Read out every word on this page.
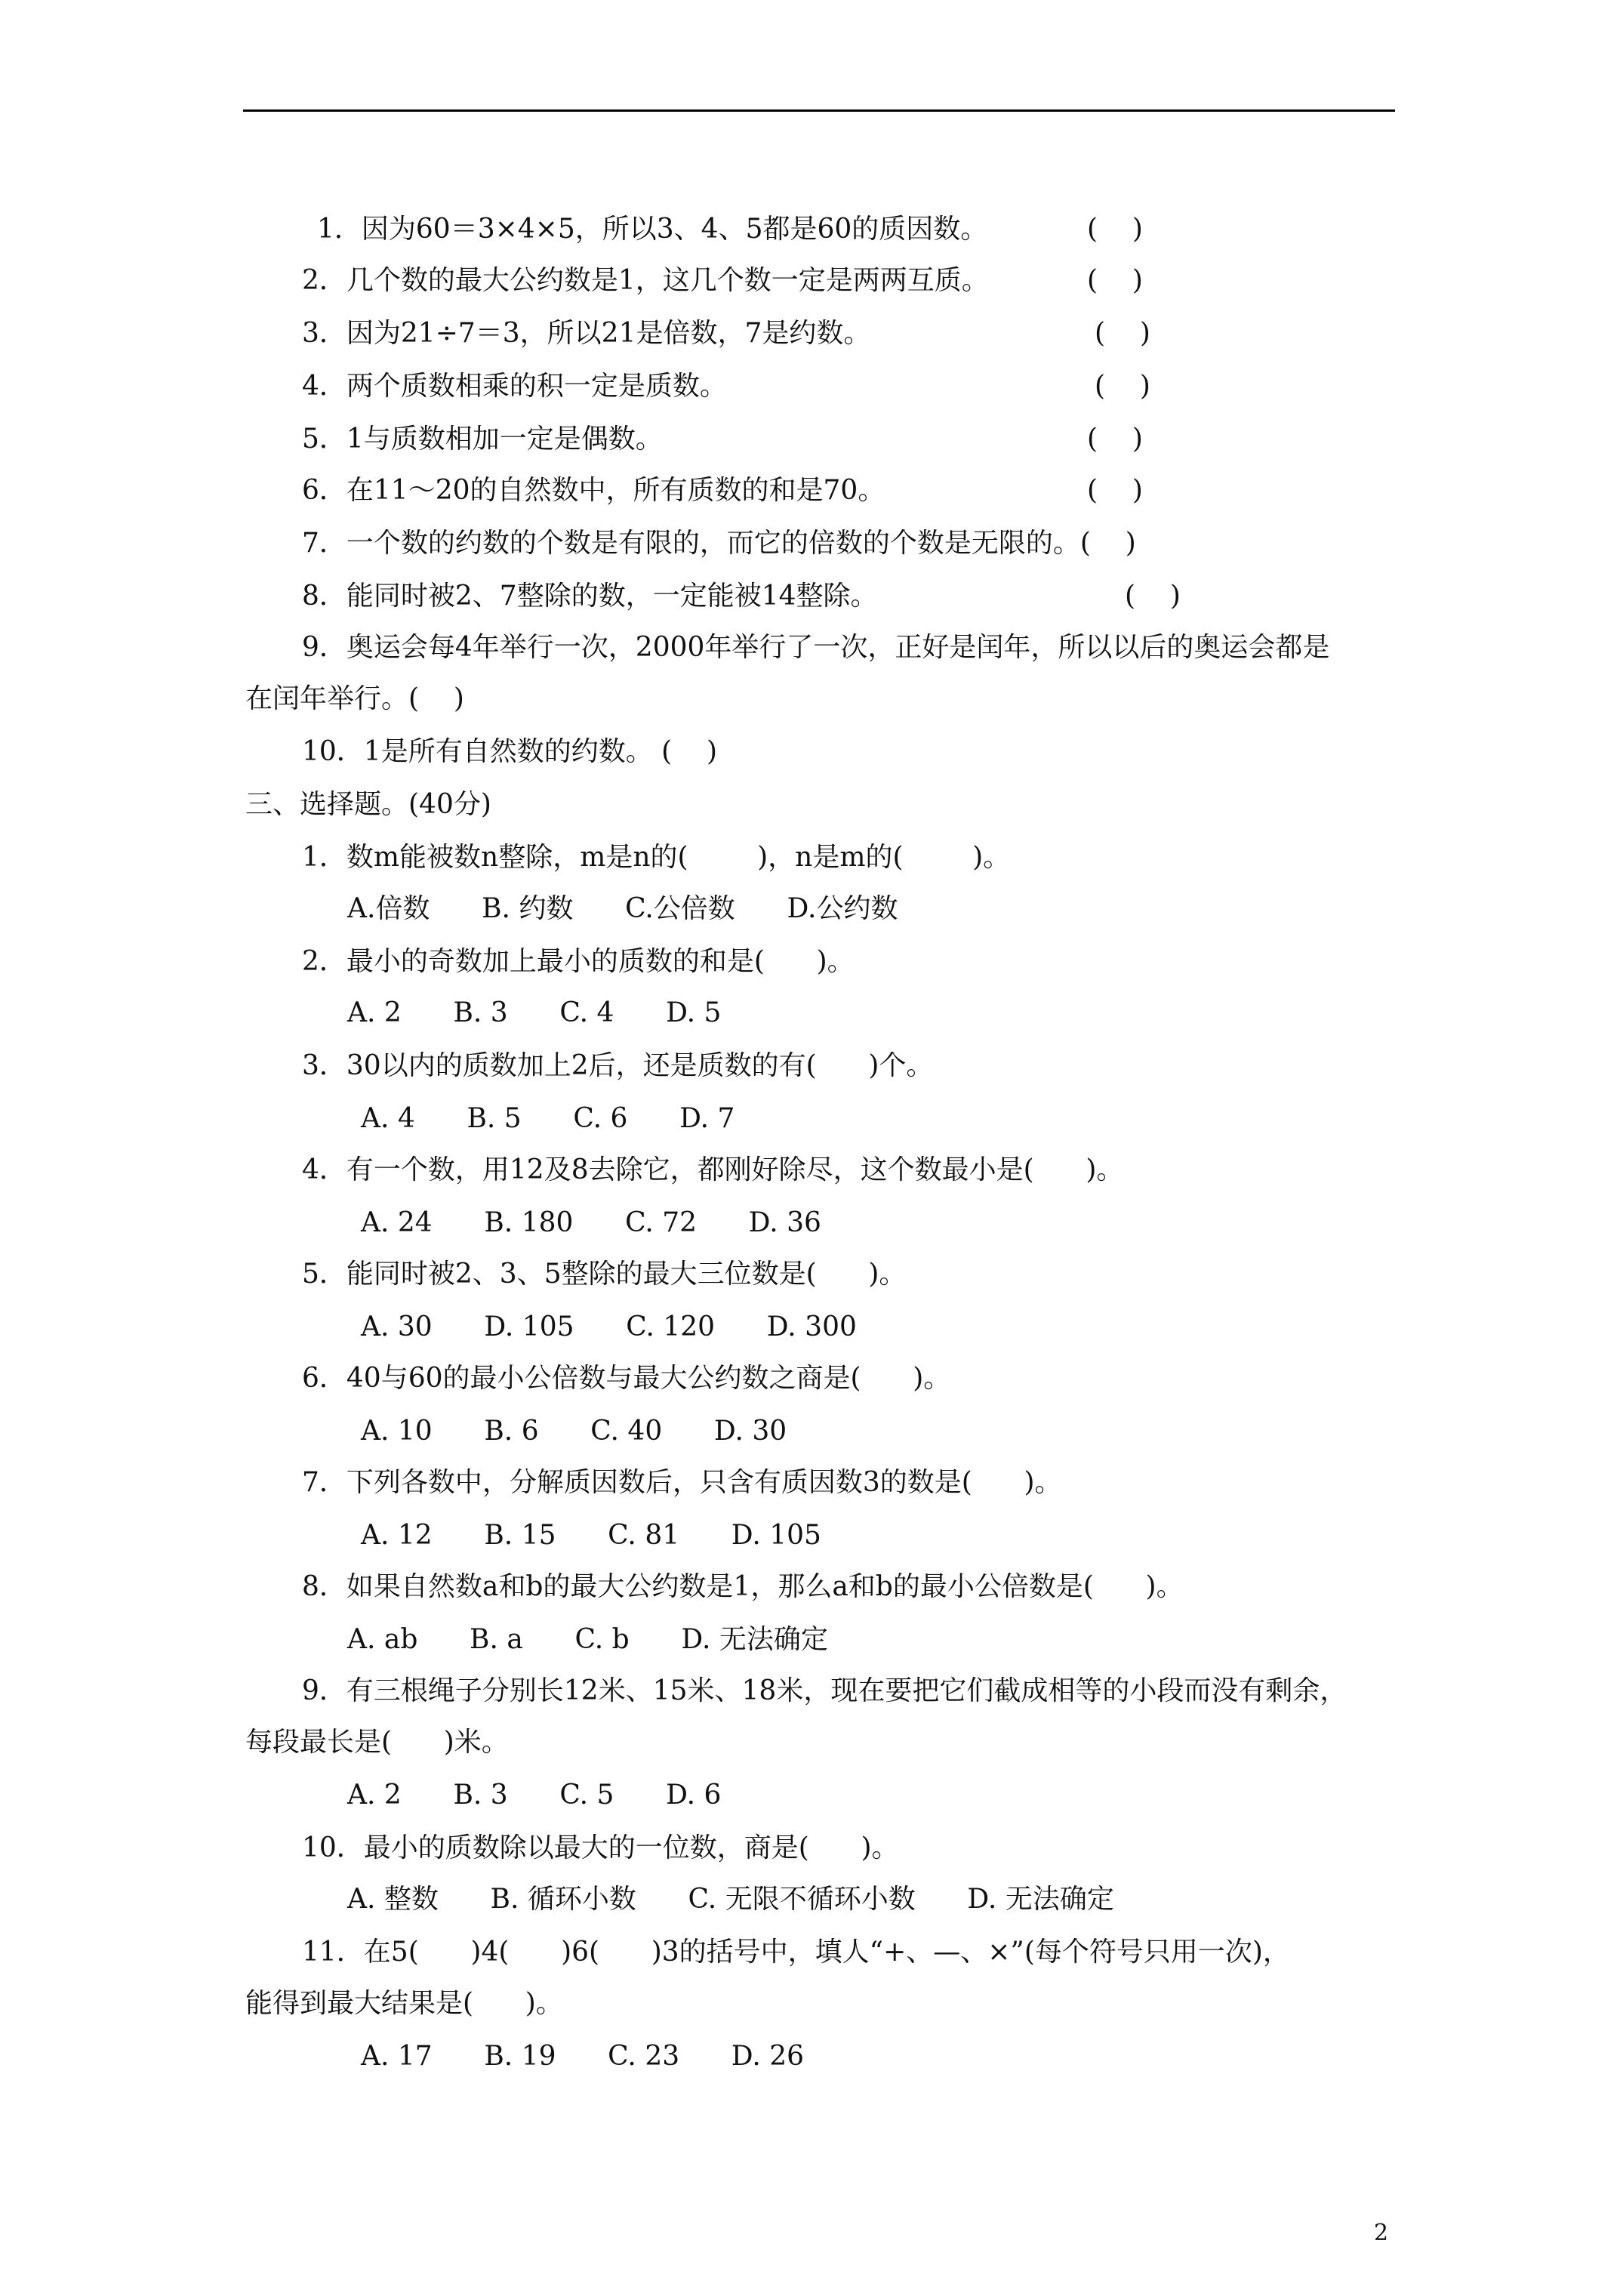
1．因为60＝3×4×5，所以3、4、5都是60的质因数。	(    )
2．几个数的最大公约数是1，这几个数一定是两两互质。	(    )
3．因为21÷7＝3，所以21是倍数，7是约数。	(    )
4．两个质数相乘的积一定是质数。	(    )
5．1与质数相加一定是偶数。	(    )
6．在11～20的自然数中，所有质数的和是70。	(    )
7．一个数的约数的个数是有限的，而它的倍数的个数是无限的。(    )
8．能同时被2、7整除的数，一定能被14整除。	(    )
9．奥运会每4年举行一次，2000年举行了一次，正好是闰年，所以以后的奥运会都是
在闰年举行。(    )
10．1是所有自然数的约数。 (    )
三、选择题。(40分)
1．数m能被数n整除，m是n的(        )，n是m的(        )。
A.倍数      B. 约数      C.公倍数      D.公约数
2．最小的奇数加上最小的质数的和是(      )。
A. 2      B. 3      C. 4      D. 5
3．30以内的质数加上2后，还是质数的有(      )个。
A. 4      B. 5      C. 6      D. 7
4．有一个数，用12及8去除它，都刚好除尽，这个数最小是(      )。
A. 24      B. 180      C. 72      D. 36
5．能同时被2、3、5整除的最大三位数是(      )。
A. 30      D. 105      C. 120      D. 300
6．40与60的最小公倍数与最大公约数之商是(      )。
A. 10      B. 6      C. 40      D. 30
7．下列各数中，分解质因数后，只含有质因数3的数是(      )。
A. 12      B. 15      C. 81      D. 105
8．如果自然数a和b的最大公约数是1，那么a和b的最小公倍数是(      )。
A. ab      B. a      C. b      D. 无法确定
9．有三根绳子分别长12米、15米、18米，现在要把它们截成相等的小段而没有剩余，
每段最长是(      )米。
A. 2      B. 3      C. 5      D. 6
10．最小的质数除以最大的一位数，商是(      )。
A. 整数      B. 循环小数      C. 无限不循环小数      D. 无法确定
11．在5(      )4(      )6(      )3的括号中，填人“+、—、×”(每个符号只用一次)，
能得到最大结果是(      )。
A. 17      B. 19      C. 23      D. 26
2
